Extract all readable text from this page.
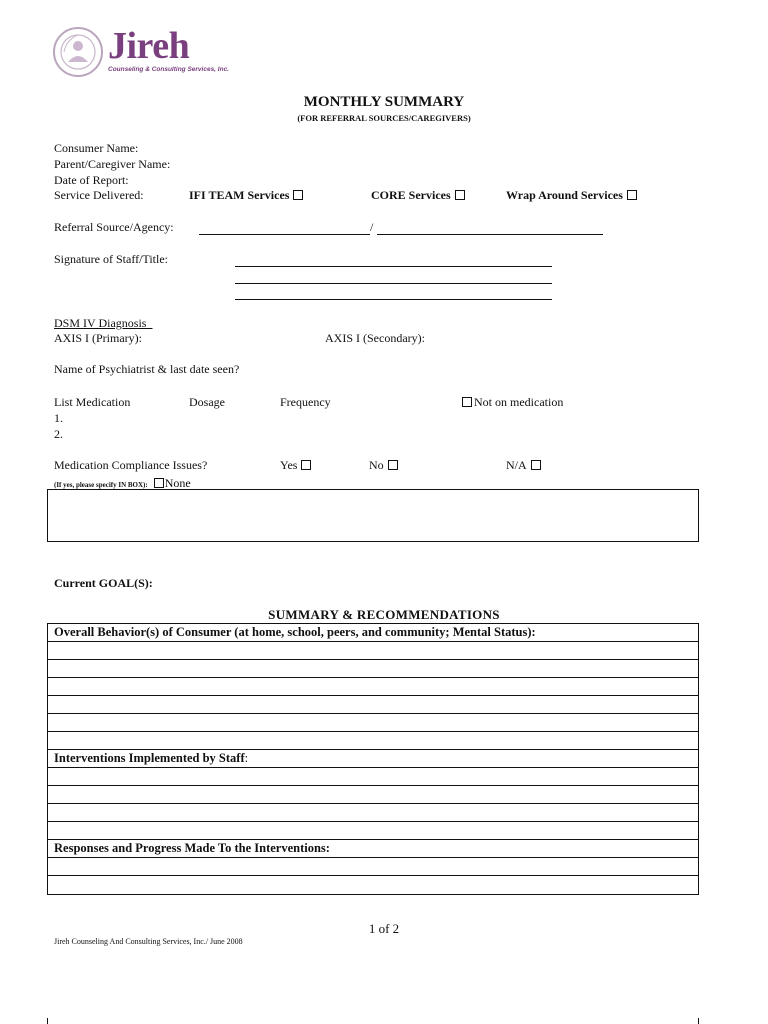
Jireh
Counseling & Consulting Services, Inc.
MONTHLY SUMMARY
(FOR REFERRAL SOURCES/CAREGIVERS)
Consumer Name:
Parent/Caregiver Name:
Date of Report:
Service Delivered:	IFI TEAM Services	CORE Services	Wrap Around Services
Referral Source/Agency:	/
Signature of Staff/Title:
DSM IV Diagnosis
AXIS I (Primary):	AXIS I (Secondary):
Name of Psychiatrist & last date seen?
List Medication	Dosage	Frequency	Not on medication
1.
2.
Medication Compliance Issues?	Yes	No	N/A
(If yes, please specify IN BOX): None
Current GOAL(S):
SUMMARY & RECOMMENDATIONS
Overall Behavior(s) of Consumer (at home, school, peers, and community; Mental Status):
Interventions Implemented by Staff:
Responses and Progress Made To the Interventions:
1 of 2
Jireh Counseling And Consulting Services, Inc./ June 2008
